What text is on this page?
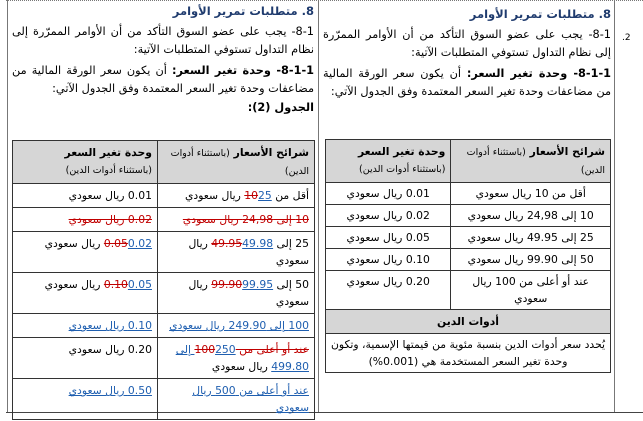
.2
8. متطلبات تمرير الأوامر
8-1- يجب على عضو السوق التأكد من أن الأوامر الممرّرة إلى نظام التداول تستوفي المتطلبات الآتية:
8-1-1- وحدة تغير السعر: أن يكون سعر الورقة المالية من مضاعفات وحدة تغير السعر المعتمدة وفق الجدول الآتي:
شرائح الأسعار (باستثناء أدوات الدين)	وحدة تغير السعر
(باستثناء أدوات الدين)
أقل من 10 ريال سعودي	0.01 ريال سعودي
10 إلى 24,98 ريال سعودي	0.02 ريال سعودي
25 إلى 49.95 ريال سعودي	0.05 ريال سعودي
50 إلى 99.90 ريال سعودي	0.10 ريال سعودي
عند أو أعلى من 100 ريال سعودي	0.20 ريال سعودي
أدوات الدين	
يُحدد سعر أدوات الدين بنسبة مئوية من قيمتها الإسمية، وتكون وحدة تغير السعر المستخدمة هي (0.001%)	
8. متطلبات تمرير الأوامر
8-1- يجب على عضو السوق التأكد من أن الأوامر الممرّرة إلى نظام التداول تستوفي المتطلبات الآتية:
8-1-1- وحدة تغير السعر: أن يكون سعر الورقة المالية من مضاعفات وحدة تغير السعر المعتمدة وفق الجدول الآتي:
الجدول (2):
شرائح الأسعار (باستثناء أدوات الدين)	وحدة تغير السعر
(باستثناء أدوات الدين)
أقل من 1025 ريال سعودي	0.01 ريال سعودي
10 إلى 24,98 ريال سعودي	0.02 ريال سعودي
25 إلى 49.9549.98 ريال سعودي	0.050.02 ريال سعودي
50 إلى 99.9099.95 ريال سعودي	0.100.05 ريال سعودي
100 إلى 249.90 ريال سعودي	0.10 ريال سعودي
عند أو أعلى من 100250 إلى 499.80 ريال سعودي	0.20 ريال سعودي
عند أو أعلى من 500 ريال سعودي	0.50 ريال سعودي
